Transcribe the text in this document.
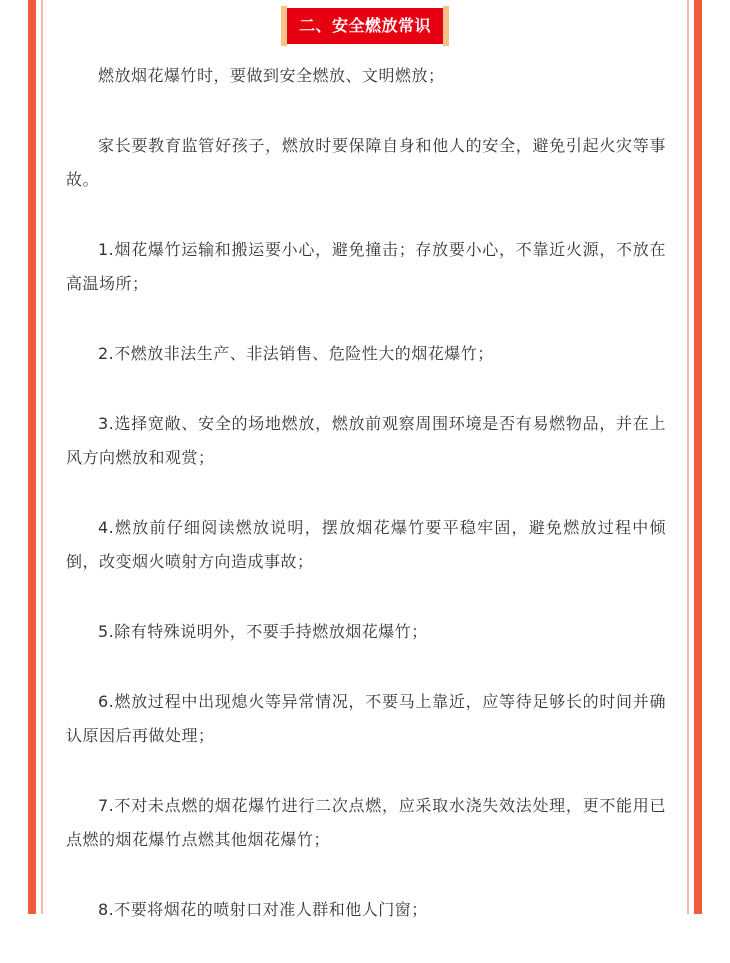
二、安全燃放常识

燃放烟花爆竹时，要做到安全燃放、文明燃放；

家长要教育监管好孩子，燃放时要保障自身和他人的安全，避免引起火灾等事故。

1.烟花爆竹运输和搬运要小心，避免撞击；存放要小心，不靠近火源，不放在高温场所；

2.不燃放非法生产、非法销售、危险性大的烟花爆竹；

3.选择宽敞、安全的场地燃放，燃放前观察周围环境是否有易燃物品，并在上风方向燃放和观赏；

4.燃放前仔细阅读燃放说明，摆放烟花爆竹要平稳牢固，避免燃放过程中倾倒，改变烟火喷射方向造成事故；

5.除有特殊说明外，不要手持燃放烟花爆竹；

6.燃放过程中出现熄火等异常情况，不要马上靠近，应等待足够长的时间并确认原因后再做处理；

7.不对未点燃的烟花爆竹进行二次点燃，应采取水浇失效法处理，更不能用已点燃的烟花爆竹点燃其他烟花爆竹；

8.不要将烟花的喷射口对准人群和他人门窗；
